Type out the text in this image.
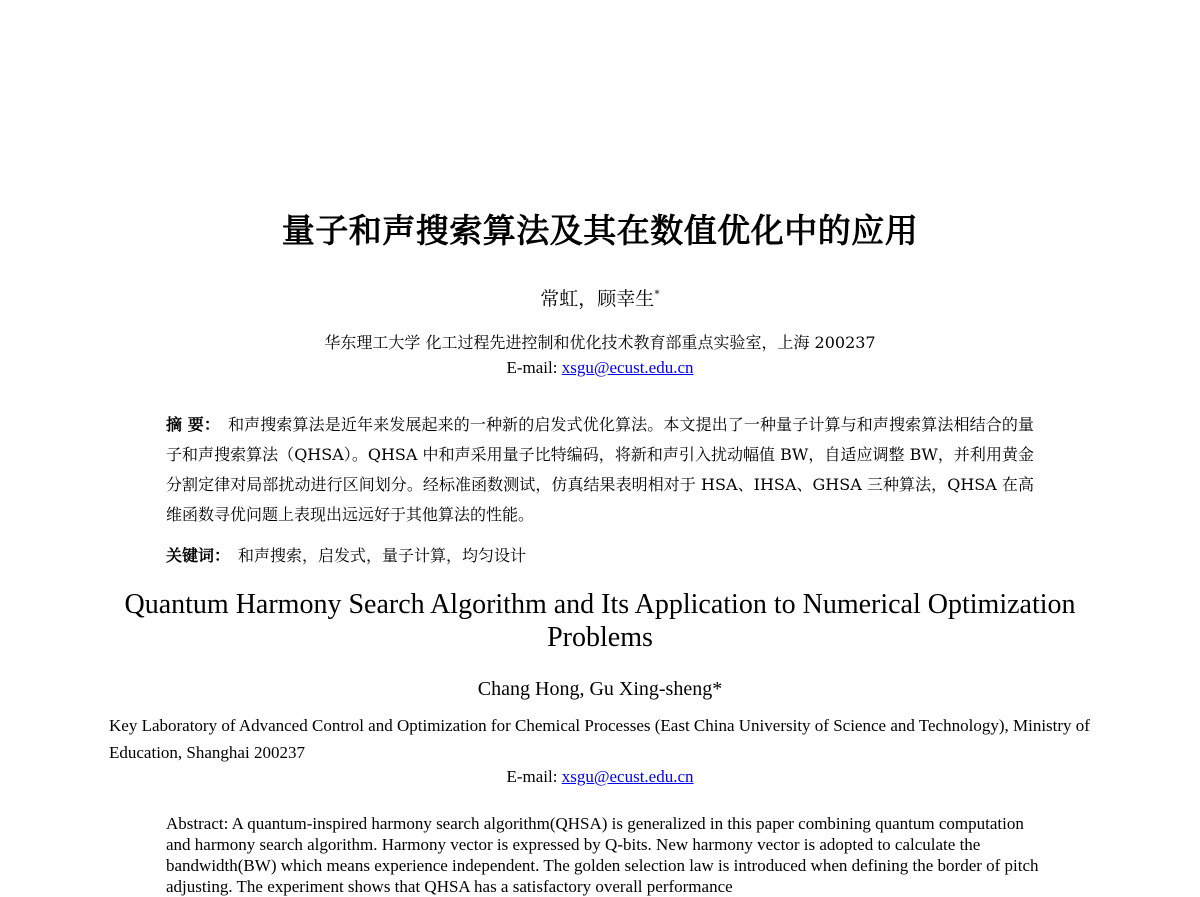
量子和声搜索算法及其在数值优化中的应用
常虹，顾幸生*
华东理工大学 化工过程先进控制和优化技术教育部重点实验室，上海 200237
E-mail: xsgu@ecust.edu.cn
摘 要： 和声搜索算法是近年来发展起来的一种新的启发式优化算法。本文提出了一种量子计算与和声搜索算法相结合的量子和声搜索算法（QHSA）。QHSA 中和声采用量子比特编码，将新和声引入扰动幅值 BW，自适应调整 BW，并利用黄金分割定律对局部扰动进行区间划分。经标准函数测试，仿真结果表明相对于 HSA、IHSA、GHSA 三种算法，QHSA 在高维函数寻优问题上表现出远远好于其他算法的性能。
关键词： 和声搜索，启发式，量子计算，均匀设计
Quantum Harmony Search Algorithm and Its Application to Numerical Optimization Problems
Chang Hong, Gu Xing-sheng*
Key Laboratory of Advanced Control and Optimization for Chemical Processes (East China University of Science and Technology), Ministry of Education, Shanghai 200237
E-mail: xsgu@ecust.edu.cn
Abstract: A quantum-inspired harmony search algorithm(QHSA) is generalized in this paper combining quantum computation and harmony search algorithm. Harmony vector is expressed by Q-bits. New harmony vector is adopted to calculate the bandwidth(BW) which means experience independent. The golden selection law is introduced when defining the border of pitch adjusting. The experiment shows that QHSA has a satisfactory overall performance
